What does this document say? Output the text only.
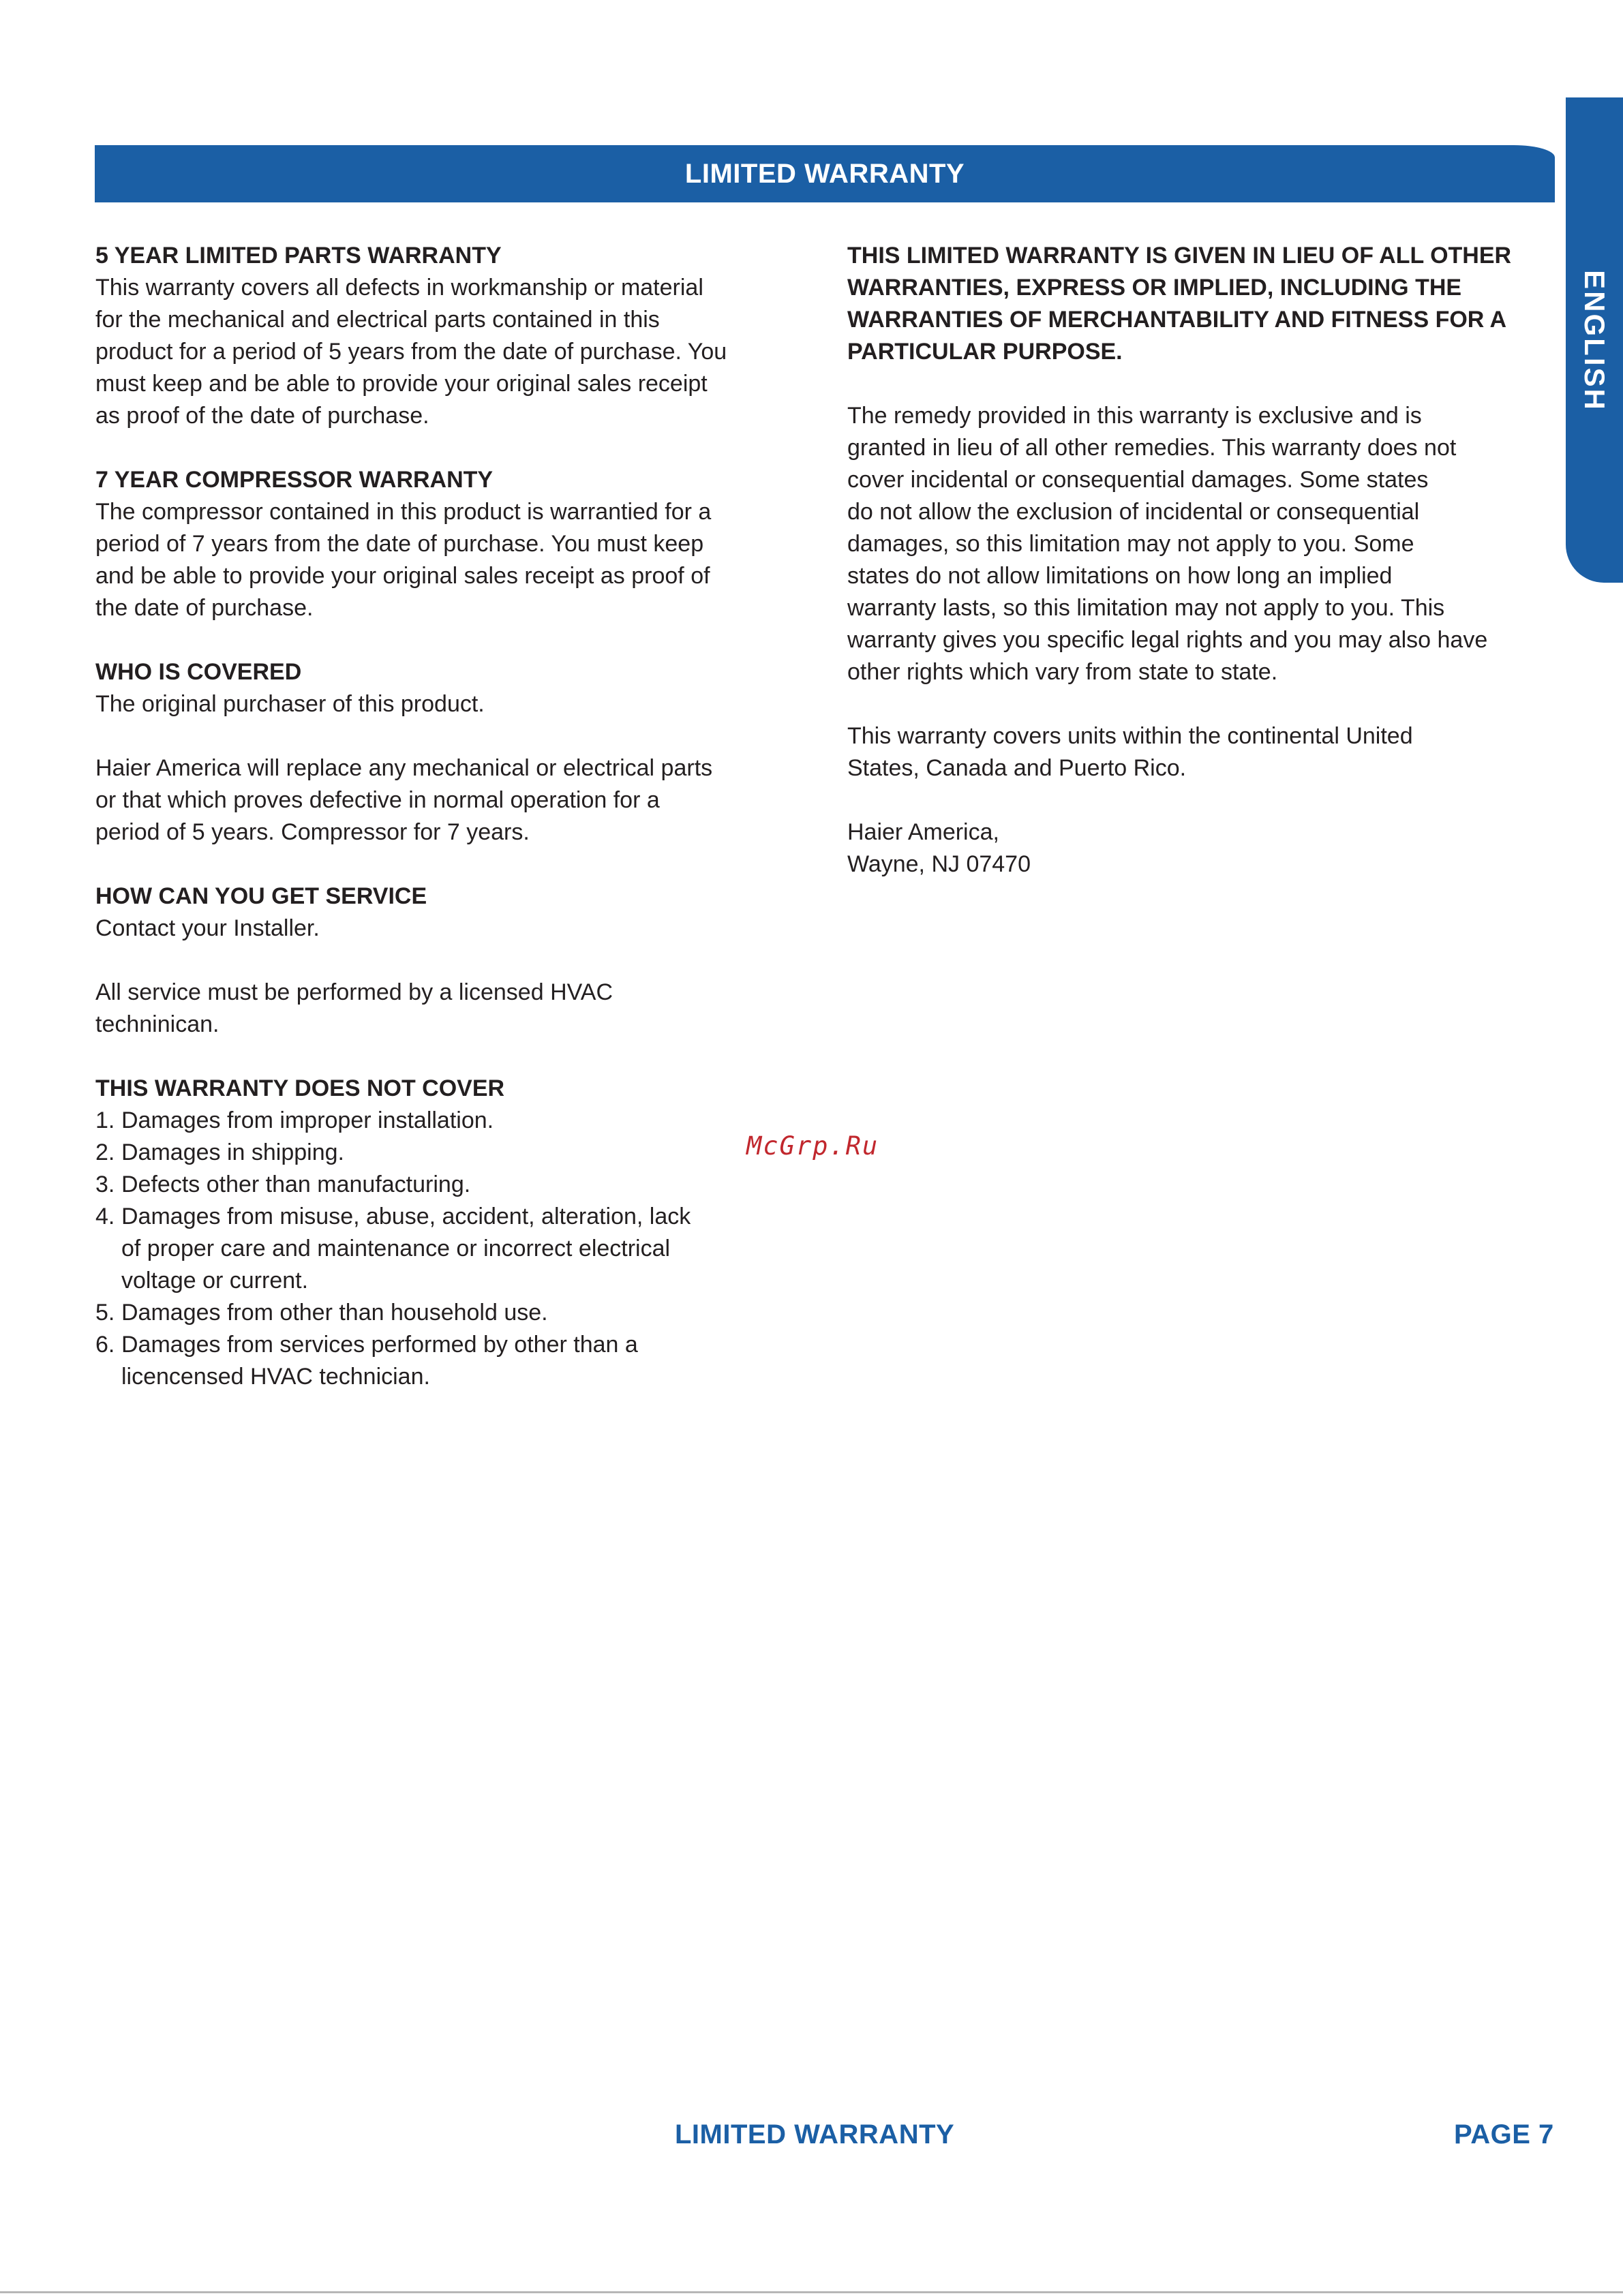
LIMITED WARRANTY
ENGLISH
5 YEAR LIMITED PARTS WARRANTY
This warranty covers all defects in workmanship or material
for the mechanical and electrical parts contained in this
product for a period of 5 years from the date of purchase. You
must keep and be able to provide your original sales receipt
as proof of the date of purchase.
7 YEAR COMPRESSOR WARRANTY
The compressor contained in this product is warrantied for a
period of 7 years from the date of purchase. You must keep
and be able to provide your original sales receipt as proof of
the date of purchase.
WHO IS COVERED
The original purchaser of this product.
Haier America will replace any mechanical or electrical parts
or that which proves defective in normal operation for a
period of 5 years. Compressor for 7 years.
HOW CAN YOU GET SERVICE
Contact your Installer.
All service must be performed by a licensed HVAC
techninican.
THIS WARRANTY DOES NOT COVER
1. Damages from improper installation.
2. Damages in shipping.
3. Defects other than manufacturing.
4. Damages from misuse, abuse, accident, alteration, lack
of proper care and maintenance or incorrect electrical
voltage or current.
5. Damages from other than household use.
6. Damages from services performed by other than a
licencensed HVAC technician.
THIS LIMITED WARRANTY IS GIVEN IN LIEU OF ALL OTHER
WARRANTIES, EXPRESS OR IMPLIED, INCLUDING THE
WARRANTIES OF MERCHANTABILITY AND FITNESS FOR A
PARTICULAR PURPOSE.
The remedy provided in this warranty is exclusive and is
granted in lieu of all other remedies. This warranty does not
cover incidental or consequential damages. Some states
do not allow the exclusion of incidental or consequential
damages, so this limitation may not apply to you. Some
states do not allow limitations on how long an implied
warranty lasts, so this limitation may not apply to you. This
warranty gives you specific legal rights and you may also have
other rights which vary from state to state.
This warranty covers units within the continental United
States, Canada and Puerto Rico.
Haier America,
Wayne, NJ 07470
McGrp.Ru
LIMITED WARRANTY	PAGE 7
